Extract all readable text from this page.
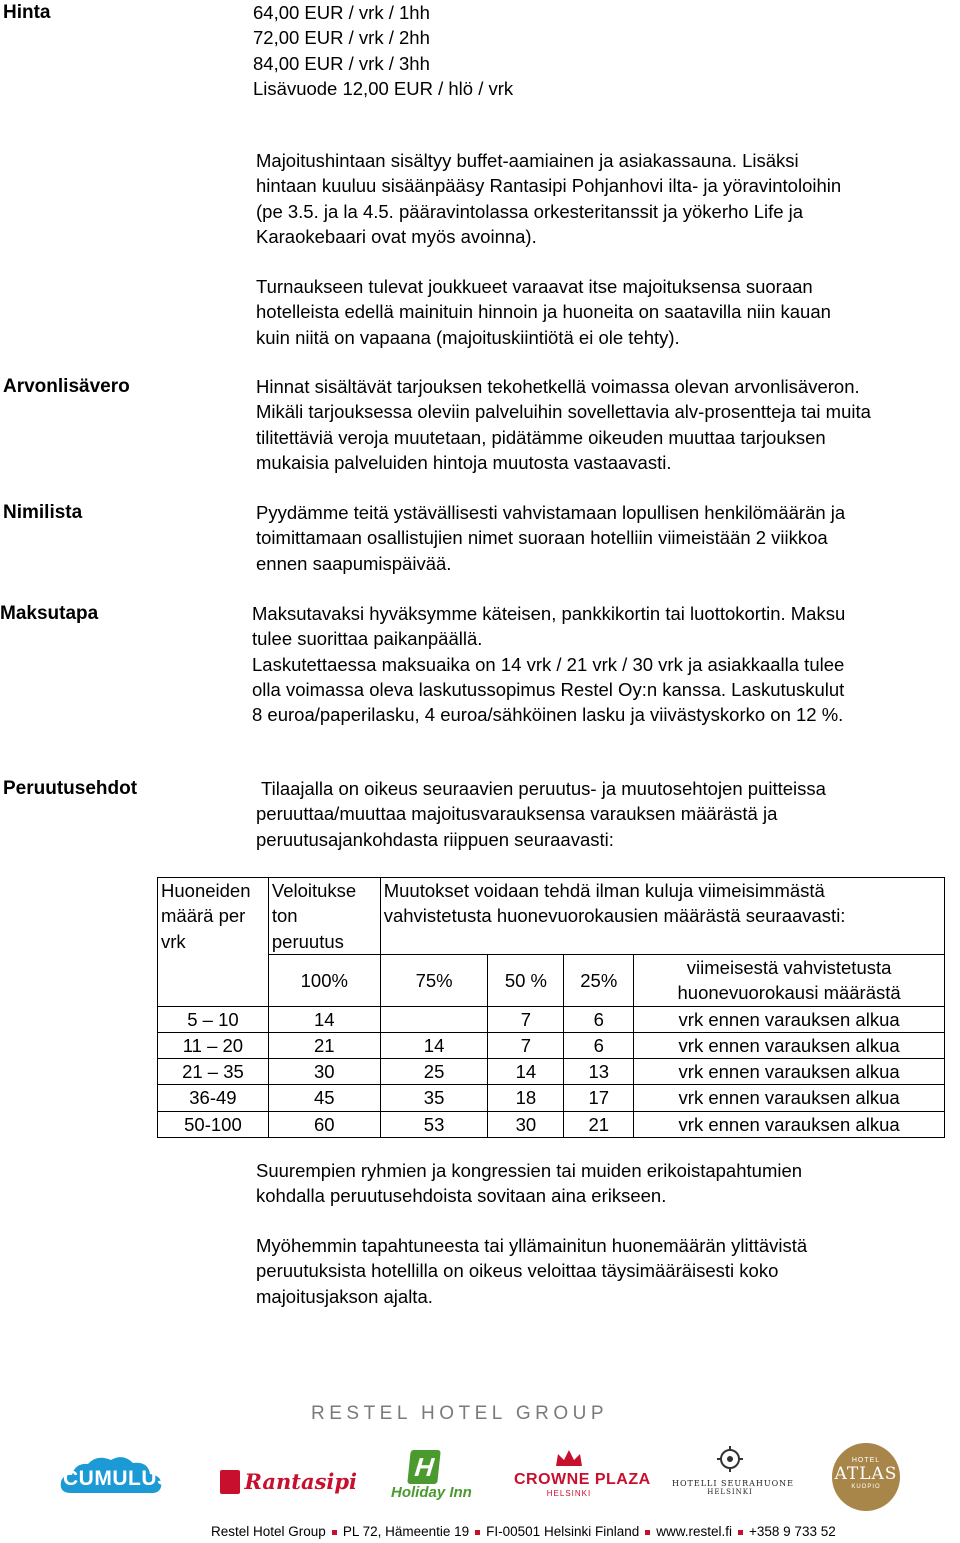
Hinta	64,00 EUR / vrk / 1hh
72,00 EUR / vrk / 2hh
84,00 EUR / vrk / 3hh
Lisävuode 12,00 EUR / hlö / vrk
Majoitushintaan sisältyy buffet-aamiainen ja asiakassauna. Lisäksi
hintaan kuuluu sisäänpääsy Rantasipi Pohjanhovi ilta- ja yöravintoloihin
(pe 3.5. ja la 4.5. pääravintolassa orkesteritanssit ja yökerho Life ja
Karaokebaari ovat myös avoinna).
Turnaukseen tulevat joukkueet varaavat itse majoituksensa suoraan
hotelleista edellä mainituin hinnoin ja huoneita on saatavilla niin kauan
kuin niitä on vapaana (majoituskiintiötä ei ole tehty).
Arvonlisävero	Hinnat sisältävät tarjouksen tekohetkellä voimassa olevan arvonlisäveron.
Mikäli tarjouksessa oleviin palveluihin sovellettavia alv-prosentteja tai muita
tilitettäviä veroja muutetaan, pidätämme oikeuden muuttaa tarjouksen
mukaisia palveluiden hintoja muutosta vastaavasti.
Nimilista	Pyydämme teitä ystävällisesti vahvistamaan lopullisen henkilömäärän ja
toimittamaan osallistujien nimet suoraan hotelliin viimeistään 2 viikkoa
ennen saapumispäivää.
Maksutapa	Maksutavaksi hyväksymme käteisen, pankkikortin tai luottokortin. Maksu
tulee suorittaa paikanpäällä.
Laskutettaessa maksuaika on 14 vrk / 21 vrk / 30 vrk ja asiakkaalla tulee
olla voimassa oleva laskutussopimus Restel Oy:n kanssa. Laskutuskulut
8 euroa/paperilasku, 4 euroa/sähköinen lasku ja viivästyskorko on 12 %.
Peruutusehdot	Tilaajalla on oikeus seuraavien peruutus- ja muutosehtojen puitteissa
peruuttaa/muuttaa majoitusvarauksensa varauksen määrästä ja
peruutusajankohdasta riippuen seuraavasti:
Huoneiden
määrä per
vrk	Veloitukse
ton
peruutus	Muutokset voidaan tehdä ilman kuluja viimeisimmästä
vahvistetusta huonevuorokausien määrästä seuraavasti:			

	100%	75%	50 %	25%	viimeisestä vahvistetusta
huonevuorokausi määrästä

5 – 10	14		7	6	vrk ennen varauksen alkua
11 – 20	21	14	7	6	vrk ennen varauksen alkua
21 – 35	30	25	14	13	vrk ennen varauksen alkua
36-49	45	35	18	17	vrk ennen varauksen alkua
50-100	60	53	30	21	vrk ennen varauksen alkua
Suurempien ryhmien ja kongressien tai muiden erikoistapahtumien
kohdalla peruutusehdoista sovitaan aina erikseen.
Myöhemmin tapahtuneesta tai yllämainitun huonemäärän ylittävistä
peruutuksista hotellilla on oikeus veloittaa täysimääräisesti koko
majoitusjakson ajalta.
RESTEL HOTEL GROUP
CUMULUS	Rantasipi H
Holiday Inn
CROWNE PLAZA
HELSINKI
HOTELLI SEURAHUONE
HELSINKI
HOTEL
ATLAS
KUOPIO
Restel Hotel Group PL 72, Hämeentie 19 FI-00501 Helsinki Finland www.restel.fi +358 9 733 52
